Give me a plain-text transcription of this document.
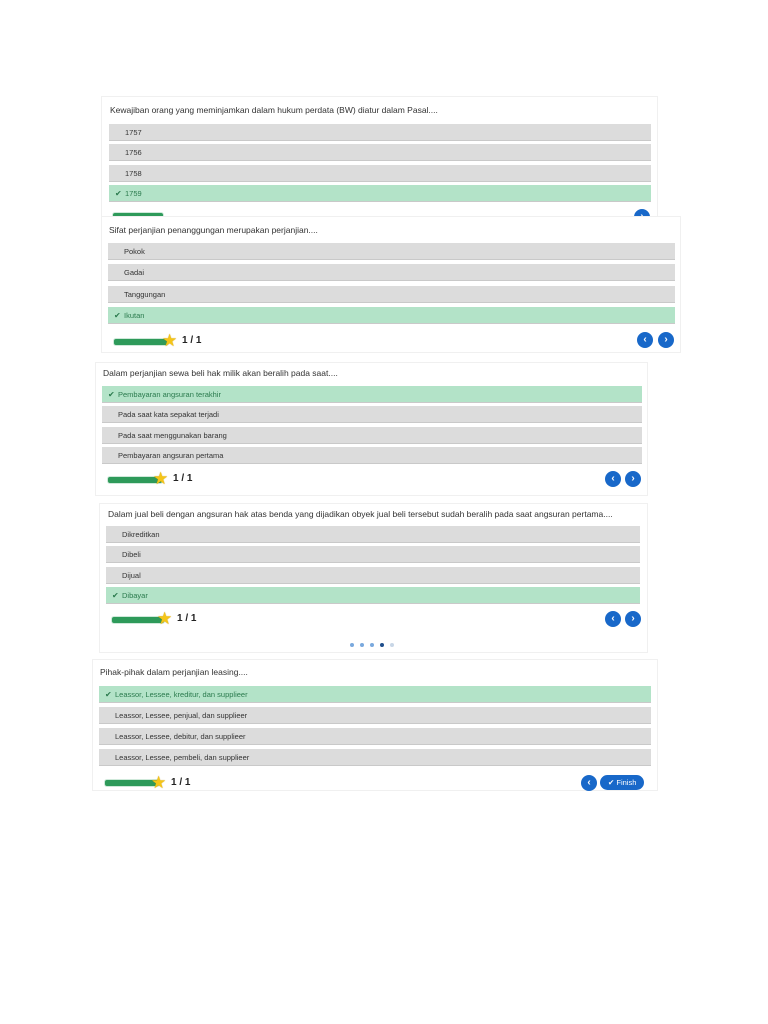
Kewajiban orang yang meminjamkan dalam hukum perdata (BW) diatur dalam Pasal....
1757
1756
1758
✔ 1759
Sifat perjanjian penanggungan merupakan perjanjian....
Pokok
Gadai
Tanggungan
✔ Ikutan
★ 1 / 1	‹	›
Dalam perjanjian sewa beli hak milik akan beralih pada saat....
✔ Pembayaran angsuran terakhir
Pada saat kata sepakat terjadi
Pada saat menggunakan barang
Pembayaran angsuran pertama
★ 1 / 1	‹	›
Dalam jual beli dengan angsuran hak atas benda yang dijadikan obyek jual beli tersebut sudah beralih pada saat angsuran pertama....
Dikreditkan
Dibeli
Dijual
✔ Dibayar
★ 1 / 1	‹	›
Pihak-pihak dalam perjanjian leasing....
✔ Leassor, Lessee, kreditur, dan supplieer
Leassor, Lessee, penjual, dan supplieer
Leassor, Lessee, debitur, dan supplieer
Leassor, Lessee, pembeli, dan supplieer
★ 1 / 1	‹	✔ Finish
